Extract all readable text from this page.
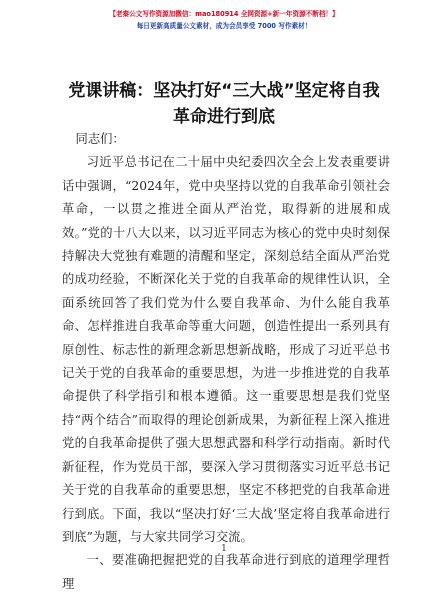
【老秦公文写作资源加微信：mao180914 全网资源+新一年资源不断档！】
每日更新高质量公文素材，成为会员享受 7000 写作素材！
党课讲稿：坚决打好“三大战”坚定将自我革命进行到底

同志们：

习近平总书记在二十届中央纪委四次全会上发表重要讲话中强调，“2024年，党中央坚持以党的自我革命引领社会革命，一以贯之推进全面从严治党，取得新的进展和成效。”党的十八大以来，以习近平同志为核心的党中央时刻保持解决大党独有难题的清醒和坚定，深刻总结全面从严治党的成功经验，不断深化关于党的自我革命的规律性认识，全面系统回答了我们党为什么要自我革命、为什么能自我革命、怎样推进自我革命等重大问题，创造性提出一系列具有原创性、标志性的新理念新思想新战略，形成了习近平总书记关于党的自我革命的重要思想，为进一步推进党的自我革命提供了科学指引和根本遵循。这一重要思想是我们党坚持“两个结合”而取得的理论创新成果，为新征程上深入推进党的自我革命提供了强大思想武器和科学行动指南。新时代新征程，作为党员干部，要深入学习贯彻落实习近平总书记关于党的自我革命的重要思想，坚定不移把党的自我革命进行到底。下面，我以“坚决打好‘三大战’坚定将自我革命进行到底”为题，与大家共同学习交流。

一、要准确把握把党的自我革命进行到底的道理学理哲理

1
